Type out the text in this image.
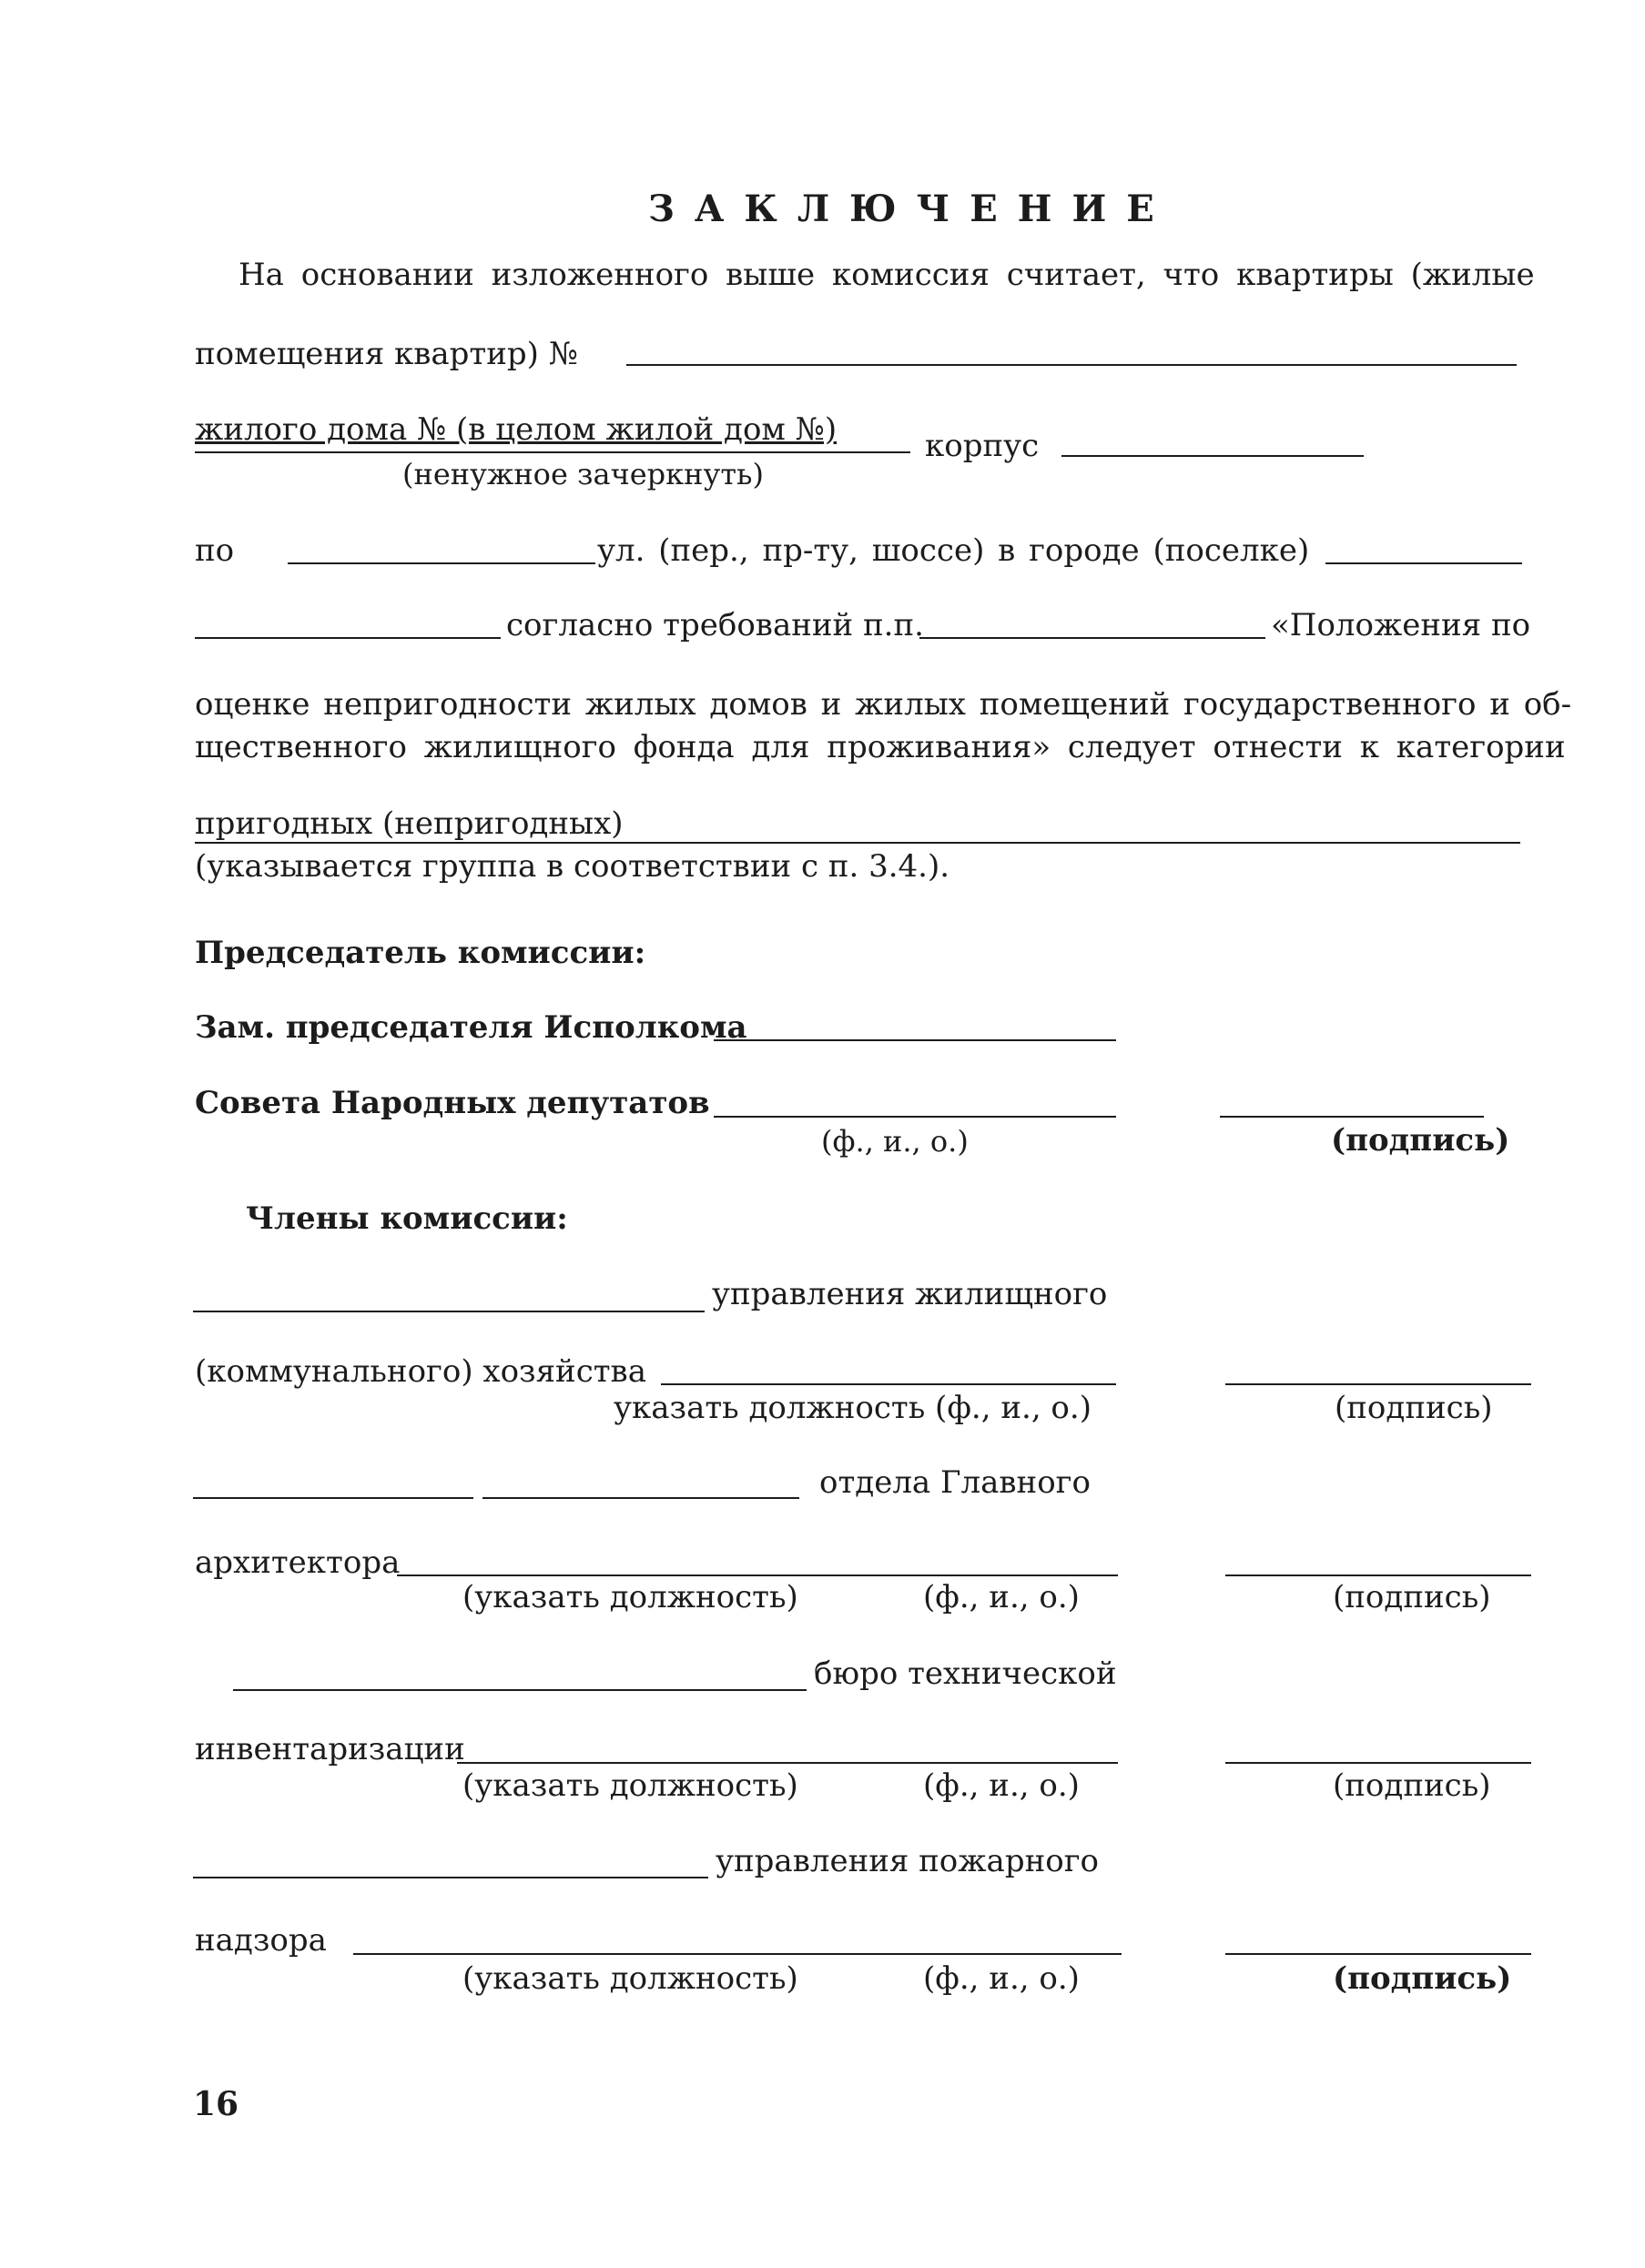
ЗАКЛЮЧЕНИЕ
На основании изложенного выше комиссия считает, что квартиры (жилые
помещения квартир) №
жилого дома № (в целом жилой дом №)	корпус
(ненужное зачеркнуть)
по	ул. (пер., пр-ту, шоссе) в городе (поселке)
согласно требований п.п.	«Положения по
оценке непригодности жилых домов и жилых помещений государственного и об-
щественного жилищного фонда для проживания» следует отнести к категории
пригодных (непригодных)
(указывается группа в соответствии с п. 3.4.).
Председатель комиссии:
Зам. председателя Исполкома
Совета Народных депутатов
(ф., и., о.)	(подпись)
Члены комиссии:
управления жилищного
(коммунального) хозяйства
указать должность (ф., и., о.)	(подпись)
отдела Главного
архитектора
(указать должность)	(ф., и., о.)	(подпись)
бюро технической
инвентаризации
(указать должность)	(ф., и., о.)	(подпись)
управления пожарного
надзора
(указать должность)	(ф., и., о.)	(подпись)
16
